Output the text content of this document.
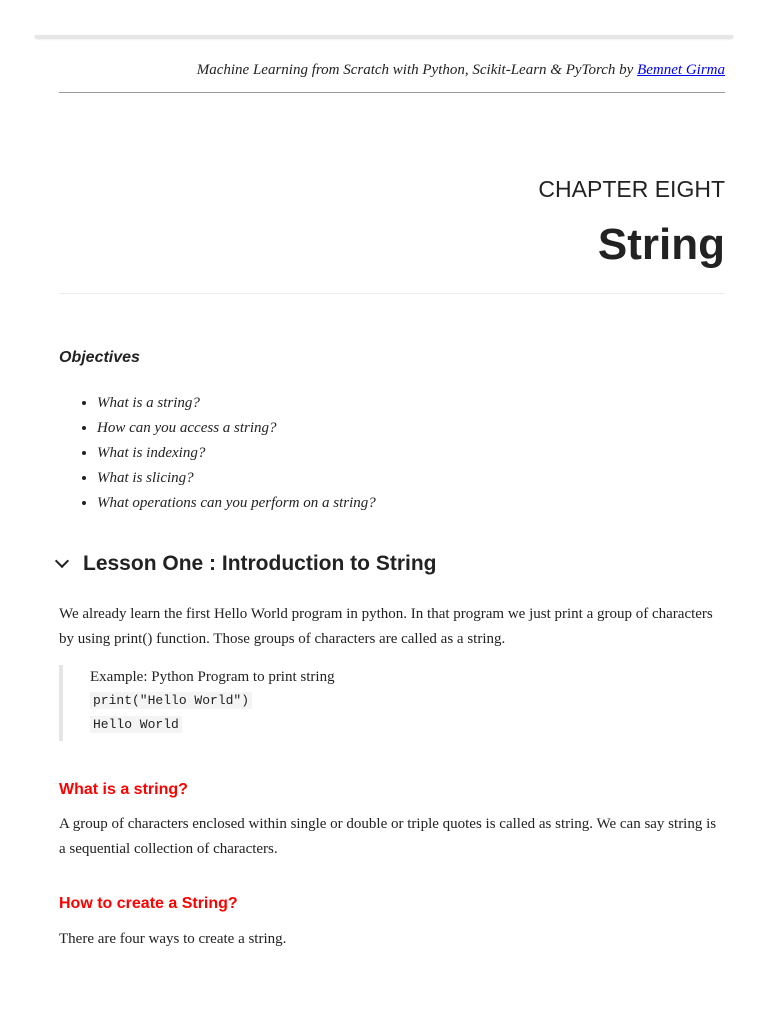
Machine Learning from Scratch with Python, Scikit-Learn & PyTorch by Bemnet Girma
CHAPTER EIGHT
String
Objectives
• What is a string?
• How can you access a string?
• What is indexing?
• What is slicing?
• What operations can you perform on a string?
Lesson One : Introduction to String

We already learn the first Hello World program in python. In that program we just print a group of characters by using print() function. Those groups of characters are called as a string.

Example: Python Program to print string
print("Hello World")
Hello World
What is a string?

A group of characters enclosed within single or double or triple quotes is called as string. We can say string is a sequential collection of characters.

How to create a String?

There are four ways to create a string.
